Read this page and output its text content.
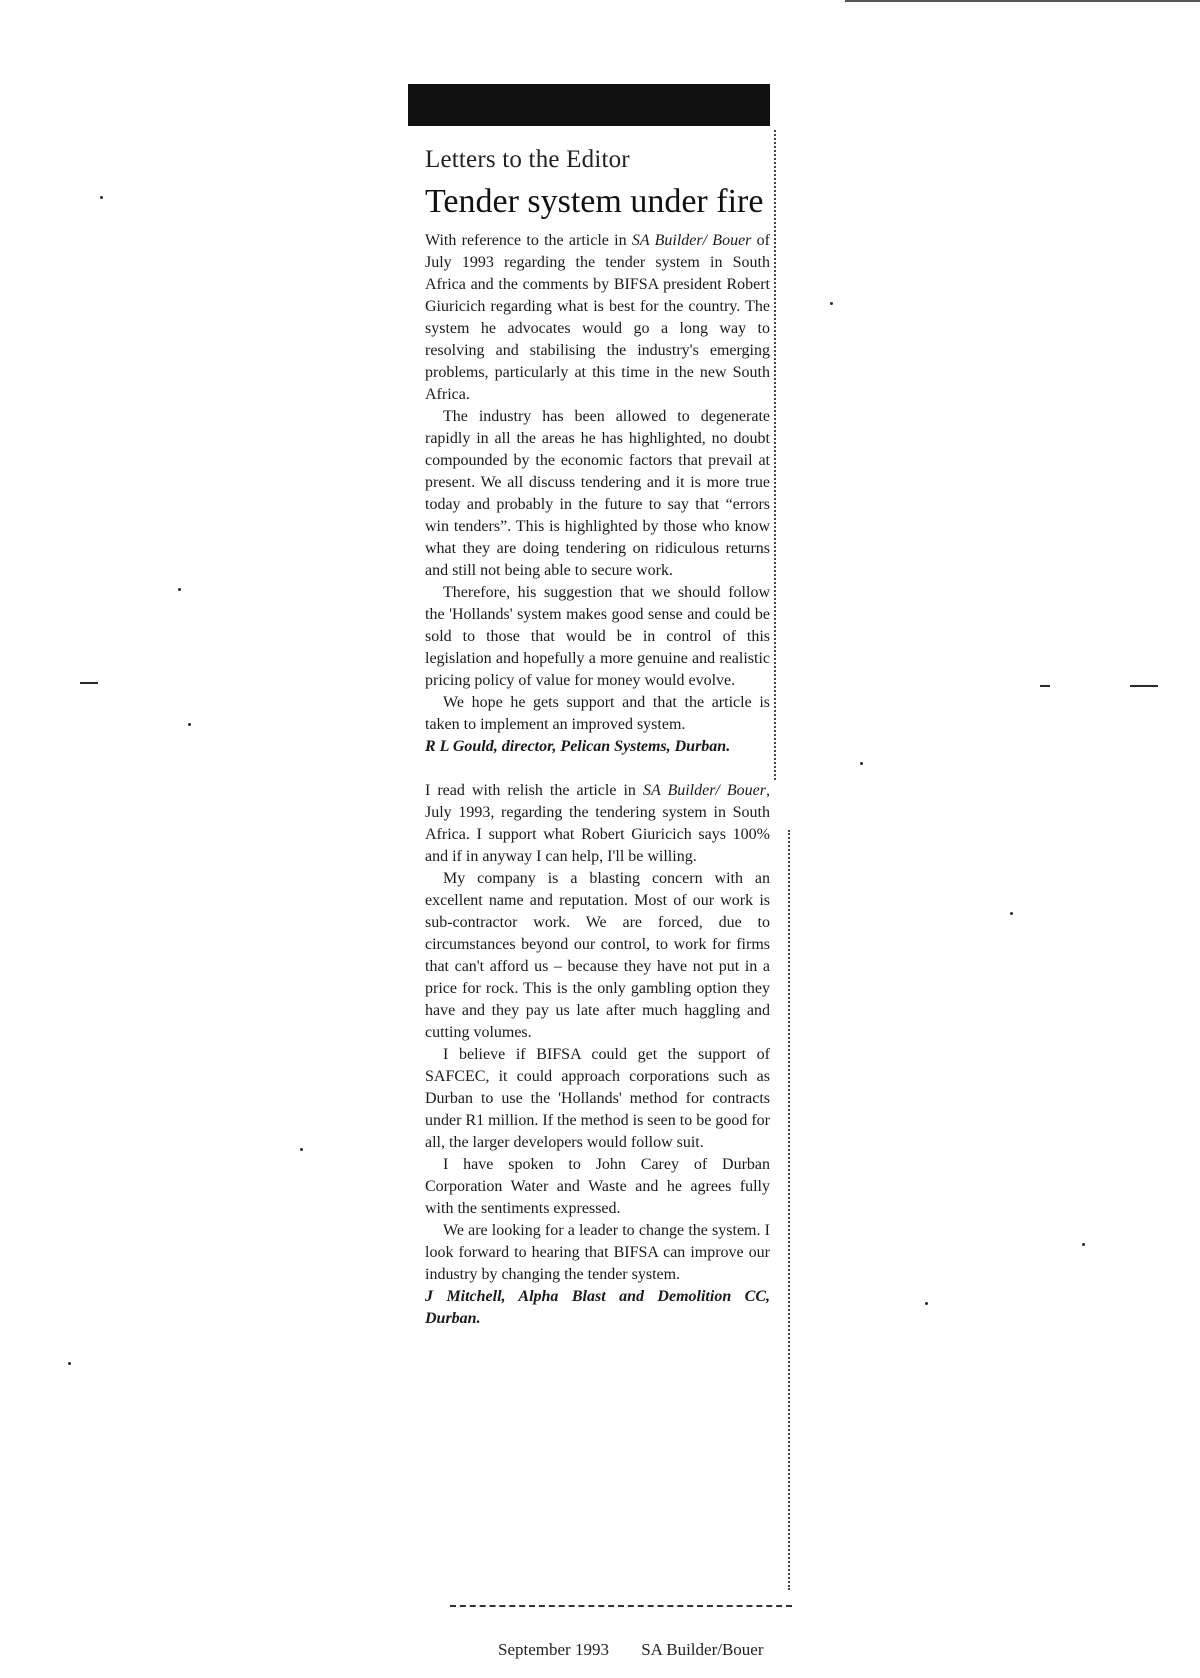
Letters to the Editor
Tender system under fire

With reference to the article in SA Builder/ Bouer of July 1993 regarding the tender system in South Africa and the comments by BIFSA president Robert Giuricich regarding what is best for the country. The system he advocates would go a long way to resolving and stabilising the industry's emerging problems, particularly at this time in the new South Africa.

The industry has been allowed to degenerate rapidly in all the areas he has highlighted, no doubt compounded by the economic factors that prevail at present. We all discuss tendering and it is more true today and probably in the future to say that “errors win tenders”. This is highlighted by those who know what they are doing tendering on ridiculous returns and still not being able to secure work.

Therefore, his suggestion that we should follow the 'Hollands' system makes good sense and could be sold to those that would be in control of this legislation and hopefully a more genuine and realistic pricing policy of value for money would evolve.

We hope he gets support and that the article is taken to implement an improved system.

R L Gould, director, Pelican Systems, Durban.

I read with relish the article in SA Builder/ Bouer, July 1993, regarding the tendering system in South Africa. I support what Robert Giuricich says 100% and if in anyway I can help, I'll be willing.

My company is a blasting concern with an excellent name and reputation. Most of our work is sub-contractor work. We are forced, due to circumstances beyond our control, to work for firms that can't afford us – because they have not put in a price for rock. This is the only gambling option they have and they pay us late after much haggling and cutting volumes.

I believe if BIFSA could get the support of SAFCEC, it could approach corporations such as Durban to use the 'Hollands' method for contracts under R1 million. If the method is seen to be good for all, the larger developers would follow suit.

I have spoken to John Carey of Durban Corporation Water and Waste and he agrees fully with the sentiments expressed.

We are looking for a leader to change the system. I look forward to hearing that BIFSA can improve our industry by changing the tender system.

J Mitchell, Alpha Blast and Demolition CC, Durban.

September 1993 SA Builder/Bouer
